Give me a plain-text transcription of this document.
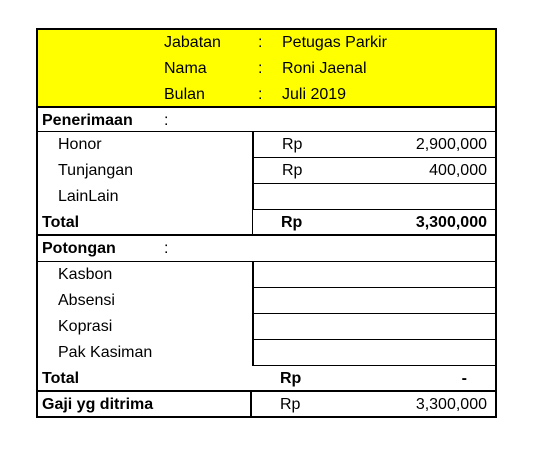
Jabatan : Petugas Parkir
Nama	: Roni Jaenal
Bulan	: Juli 2019
Penerimaan :
Honor	Rp	2,900,000
Tunjangan	Rp	400,000
LainLain
Total	Rp	3,300,000
Potongan	:
Kasbon
Absensi
Koprasi
Pak Kasiman
Total	Rp	-
Gaji yg ditrima	Rp	3,300,000
